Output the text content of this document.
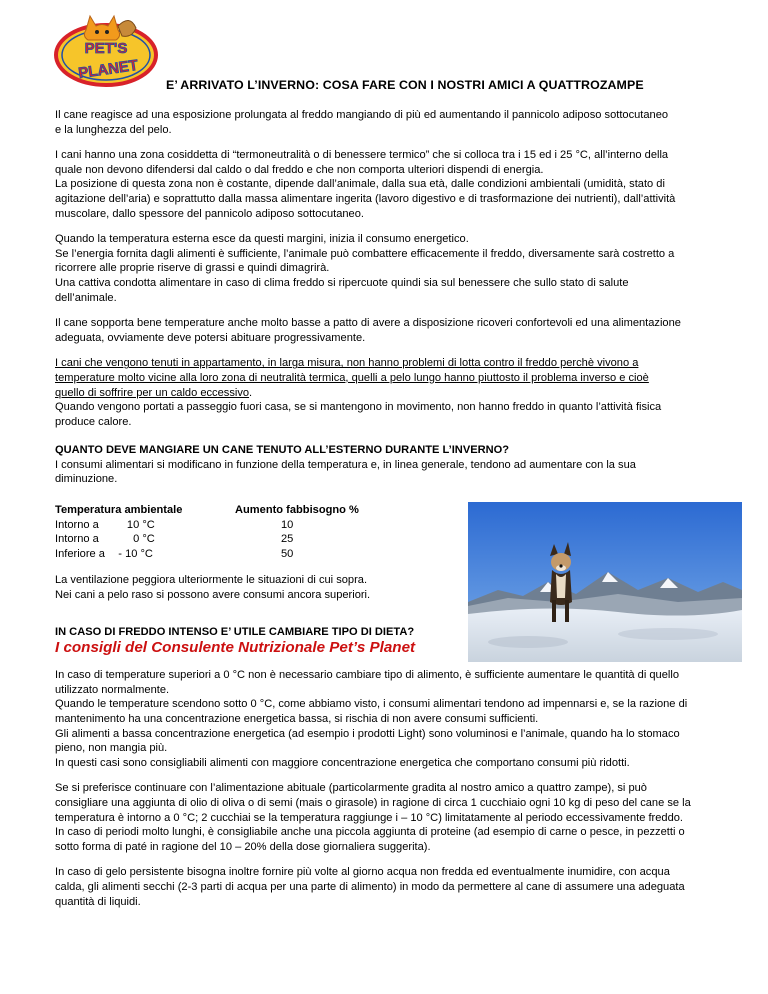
PET'S
PLANET
E’ ARRIVATO L’INVERNO: COSA FARE CON I NOSTRI AMICI A QUATTROZAMPE

Il cane reagisce ad una esposizione prolungata al freddo mangiando di più ed aumentando il pannicolo adiposo sottocutaneo
e la lunghezza del pelo.

I cani hanno una zona cosiddetta di “termoneutralità o di benessere termico” che si colloca tra i 15 ed i 25 °C, all’interno della
quale non devono difendersi dal caldo o dal freddo e che non comporta ulteriori dispendi di energia.
La posizione di questa zona non è costante, dipende dall’animale, dalla sua età, dalle condizioni ambientali (umidità, stato di
agitazione dell’aria) e soprattutto dalla massa alimentare ingerita (lavoro digestivo e di trasformazione dei nutrienti), dall’attività
muscolare, dallo spessore del pannicolo adiposo sottocutaneo.

Quando la temperatura esterna esce da questi margini, inizia il consumo energetico.
Se l’energia fornita dagli alimenti è sufficiente, l’animale può combattere efficacemente il freddo, diversamente sarà costretto a
ricorrere alle proprie riserve di grassi e quindi dimagrirà.
Una cattiva condotta alimentare in caso di clima freddo si ripercuote quindi sia sul benessere che sullo stato di salute
dell’animale.

Il cane sopporta bene temperature anche molto basse a patto di avere a disposizione ricoveri confortevoli ed una alimentazione
adeguata, ovviamente deve potersi abituare progressivamente.

I cani che vengono tenuti in appartamento, in larga misura, non hanno problemi di lotta contro il freddo perchè vivono a
temperature molto vicine alla loro zona di neutralità termica, quelli a pelo lungo hanno piuttosto il problema inverso e cioè
quello di soffrire per un caldo eccessivo.
Quando vengono portati a passeggio fuori casa, se si mantengono in movimento, non hanno freddo in quanto l’attività fisica
produce calore.

QUANTO DEVE MANGIARE UN CANE TENUTO ALL’ESTERNO DURANTE L’INVERNO?

I consumi alimentari si modificano in funzione della temperatura e, in linea generale, tendono ad aumentare con la sua
diminuzione.

Temperatura ambientale	Aumento fabbisogno %
Intorno a	10 °C	10
Intorno a	0 °C	25
Inferiore a - 10 °C	50

La ventilazione peggiora ulteriormente le situazioni di cui sopra.
Nei cani a pelo raso si possono avere consumi ancora superiori.

IN CASO DI FREDDO INTENSO E’ UTILE CAMBIARE TIPO DI DIETA?
I consigli del Consulente Nutrizionale Pet’s Planet

In caso di temperature superiori a 0 °C non è necessario cambiare tipo di alimento, è sufficiente aumentare le quantità di quello
utilizzato normalmente.
Quando le temperature scendono sotto 0 °C, come abbiamo visto, i consumi alimentari tendono ad impennarsi e, se la razione di
mantenimento ha una concentrazione energetica bassa, si rischia di non avere consumi sufficienti.
Gli alimenti a bassa concentrazione energetica (ad esempio i prodotti Light) sono voluminosi e l’animale, quando ha lo stomaco
pieno, non mangia più.
In questi casi sono consigliabili alimenti con maggiore concentrazione energetica che comportano consumi più ridotti.

Se si preferisce continuare con l’alimentazione abituale (particolarmente gradita al nostro amico a quattro zampe), si può
consigliare una aggiunta di olio di oliva o di semi (mais o girasole) in ragione di circa 1 cucchiaio ogni 10 kg di peso del cane se la
temperatura è intorno a 0 °C; 2 cucchiai se la temperatura raggiunge i – 10 °C) limitatamente al periodo eccessivamente freddo.
In caso di periodi molto lunghi, è consigliabile anche una piccola aggiunta di proteine (ad esempio di carne o pesce, in pezzetti o
sotto forma di paté in ragione del 10 – 20% della dose giornaliera suggerita).

In caso di gelo persistente bisogna inoltre fornire più volte al giorno acqua non fredda ed eventualmente inumidire, con acqua
calda, gli alimenti secchi (2-3 parti di acqua per una parte di alimento) in modo da permettere al cane di assumere una adeguata
quantità di liquidi.
